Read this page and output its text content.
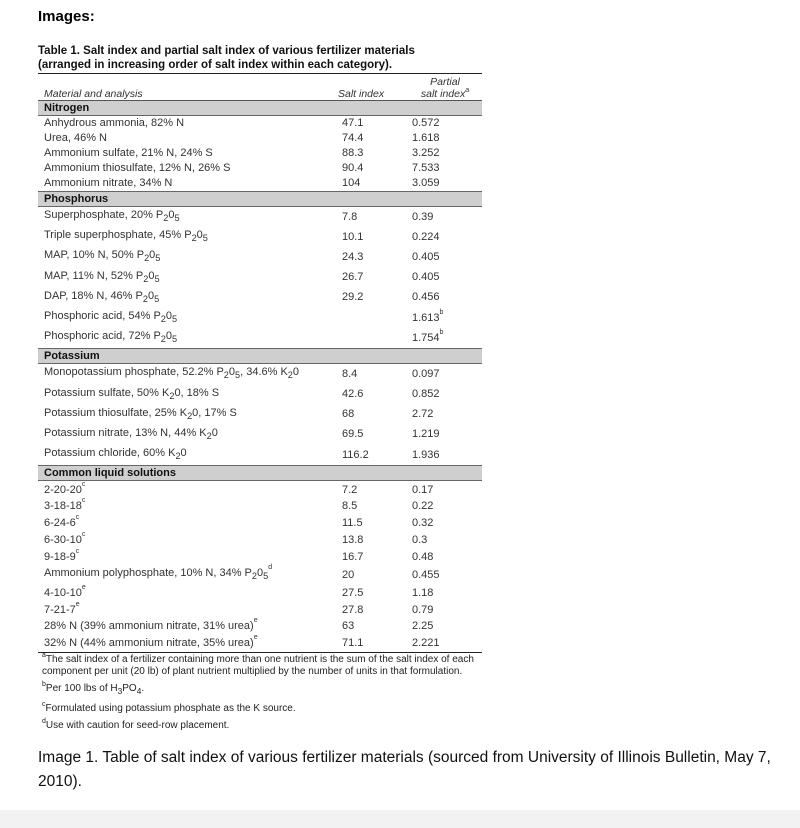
Images:
Table 1. Salt index and partial salt index of various fertilizer materials

(arranged in increasing order of salt index within each category).
Material and analysis	Salt index	Partial
salt index$^a$
Nitrogen		
Anhydrous ammonia, 82% N	47.1	0.572
Urea, 46% N	74.4	1.618
Ammonium sulfate, 21% N, 24% S	88.3	3.252
Ammonium thiosulfate, 12% N, 26% S	90.4	7.533
Ammonium nitrate, 34% N	104	3.059
Phosphorus		
Superphosphate, 20% $P_20_5$	7.8	0.39
Triple superphosphate, 45% $P_20_5$	10.1	0.224
MAP, 10% N, 50% $P_20_5$	24.3	0.405
MAP, 11% N, 52% $P_20_5$	26.7	0.405
DAP, 18% N, 46% $P_20_5$	29.2	0.456
Phosphoric acid, 54% $P_20_5$		1.613$^b$
Phosphoric acid, 72% $P_20_5$		1.754$^b$
Potassium		
Monopotassium phosphate, 52.2% $P_20_5$, 34.6% $K_20$	8.4	0.097
Potassium sulfate, 50% $K_20$, 18% S	42.6	0.852
Potassium thiosulfate, 25% $K_20$, 17% S	68	2.72
Potassium nitrate, 13% N, 44% $K_20$	69.5	1.219
Potassium chloride, 60% $K_20$	116.2	1.936
Common liquid solutions		
2-20-20$^c$	7.2	0.17
3-18-18$^c$	8.5	0.22
6-24-6$^c$	11.5	0.32
6-30-10$^c$	13.8	0.3
9-18-9$^c$	16.7	0.48
Ammonium polyphosphate, 10% N, 34% $P_20_5^d$	20	0.455
4-10-10e	27.5	1.18
7-21-7e	27.8	0.79
28% N (39% ammonium nitrate, 31% urea)$^e$	63	2.25
32% N (44% ammonium nitrate, 35% urea)$^e$	71.1	2.221
$^a$The salt index of a fertilizer containing more than one nutrient is the sum of the salt index of each component per unit (20 lb) of plant nutrient multiplied by the number of units in that formulation.
$^b$Per 100 lbs of $H_3PO_4$.
$^c$Formulated using potassium phosphate as the K source.
$^d$Use with caution for seed-row placement.
Image 1. Table of salt index of various fertilizer materials (sourced from University of Illinois Bulletin, May 7, 2010).
